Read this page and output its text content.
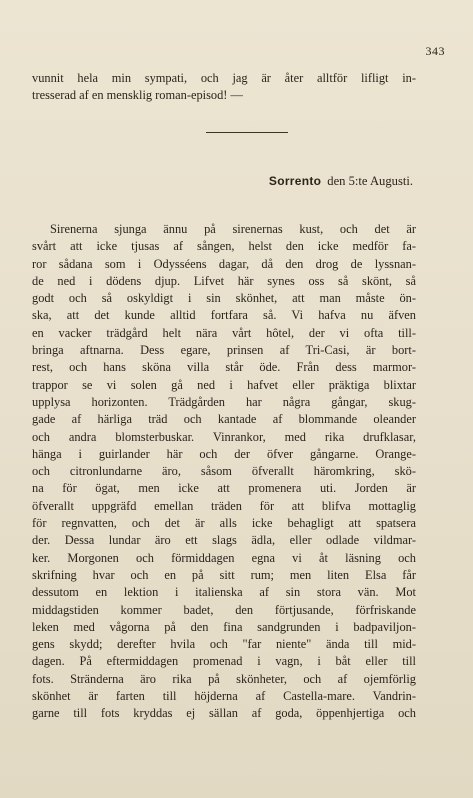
343
vunnit hela min sympati, och jag är åter alltför lifligt in-
tresserad af en mensklig roman-episod! —
Sorrento den 5:te Augusti.
Sirenerna sjunga ännu på sirenernas kust, och det är
svårt att icke tjusas af sången, helst den icke medför fa-
ror sådana som i Odysséens dagar, då den drog de lyssnan-
de ned i dödens djup. Lifvet här synes oss så skönt, så
godt och så oskyldigt i sin skönhet, att man måste ön-
ska, att det kunde alltid fortfara så. Vi hafva nu äfven
en vacker trädgård helt nära vårt hôtel, der vi ofta till-
bringa aftnarna. Dess egare, prinsen af Tri-Casi, är bort-
rest, och hans sköna villa står öde. Från dess marmor-
trappor se vi solen gå ned i hafvet eller präktiga blixtar
upplysa horizonten. Trädgården har några gångar, skug-
gade af härliga träd och kantade af blommande oleander
och andra blomsterbuskar. Vinrankor, med rika drufklasar,
hänga i guirlander här och der öfver gångarne. Orange-
och citronlundarne äro, såsom öfverallt häromkring, skö-
na för ögat, men icke att promenera uti. Jorden är
öfverallt uppgräfd emellan träden för att blifva mottaglig
för regnvatten, och det är alls icke behagligt att spatsera
der. Dessa lundar äro ett slags ädla, eller odlade vildmar-
ker. Morgonen och förmiddagen egna vi åt läsning och
skrifning hvar och en på sitt rum; men liten Elsa får
dessutom en lektion i italienska af sin stora vän. Mot
middagstiden kommer badet, den förtjusande, förfriskande
leken med vågorna på den fina sandgrunden i badpaviljon-
gens skydd; derefter hvila och "far niente" ända till mid-
dagen. På eftermiddagen promenad i vagn, i båt eller till
fots. Stränderna äro rika på skönheter, och af ojemförlig
skönhet är farten till höjderna af Castella-mare. Vandrin-
garne till fots kryddas ej sällan af goda, öppenhjertiga och
